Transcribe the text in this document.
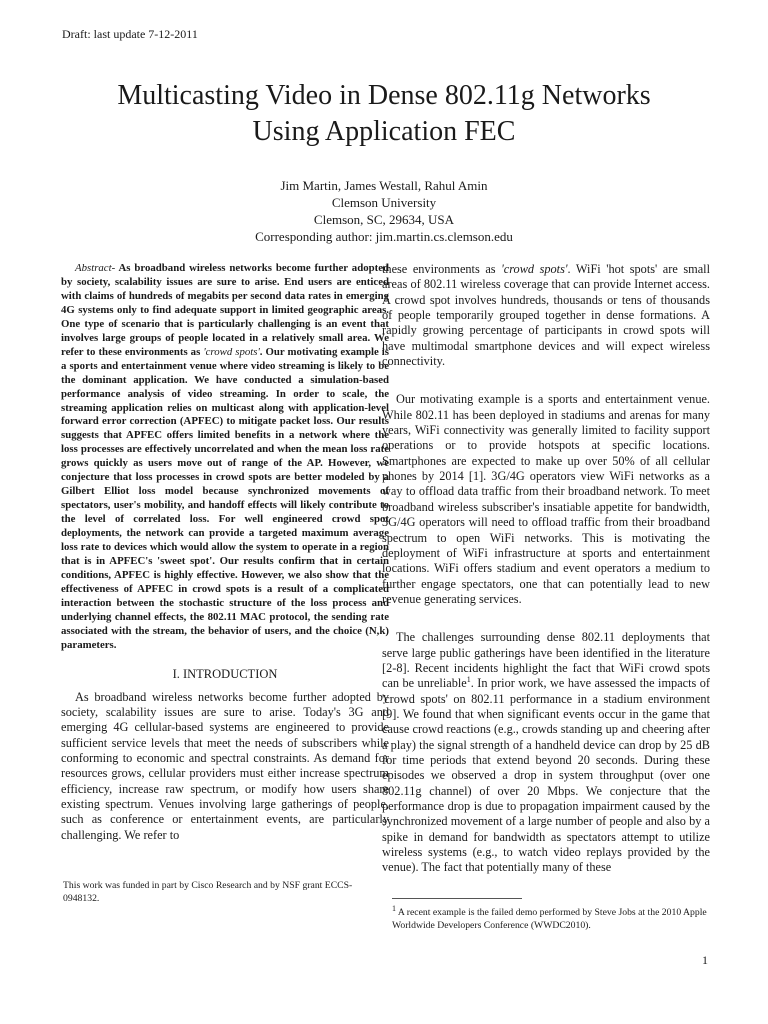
Draft: last update 7-12-2011
Multicasting Video in Dense 802.11g Networks
Using Application FEC
Jim Martin, James Westall, Rahul Amin
Clemson University
Clemson, SC, 29634, USA
Corresponding author: jim.martin.cs.clemson.edu

Abstract- As broadband wireless networks become further adopted by society, scalability issues are sure to arise. End users are enticed with claims of hundreds of megabits per second data rates in emerging 4G systems only to find adequate support in limited geographic areas. One type of scenario that is particularly challenging is an event that involves large groups of people located in a relatively small area. We refer to these environments as 'crowd spots'. Our motivating example is a sports and entertainment venue where video streaming is likely to be the dominant application. We have conducted a simulation-based performance analysis of video streaming. In order to scale, the streaming application relies on multicast along with application-level forward error correction (APFEC) to mitigate packet loss. Our results suggests that APFEC offers limited benefits in a network where the loss processes are effectively uncorrelated and when the mean loss rate grows quickly as users move out of range of the AP. However, we conjecture that loss processes in crowd spots are better modeled by a Gilbert Elliot loss model because synchronized movements of spectators, user's mobility, and handoff effects will likely contribute to the level of correlated loss. For well engineered crowd spot deployments, the network can provide a targeted maximum average loss rate to devices which would allow the system to operate in a region that is in APFEC's 'sweet spot'. Our results confirm that in certain conditions, APFEC is highly effective. However, we also show that the effectiveness of APFEC in crowd spots is a result of a complicated interaction between the stochastic structure of the loss process and underlying channel effects, the 802.11 MAC protocol, the sending rate associated with the stream, the behavior of users, and the choice (N,k) parameters.

I. INTRODUCTION

As broadband wireless networks become further adopted by society, scalability issues are sure to arise. Today's 3G and emerging 4G cellular-based systems are engineered to provide sufficient service levels that meet the needs of subscribers while conforming to economic and spectral constraints. As demand for resources grows, cellular providers must either increase spectrum efficiency, increase raw spectrum, or modify how users share existing spectrum. Venues involving large gatherings of people, such as conference or entertainment events, are particularly challenging. We refer to

This work was funded in part by Cisco Research and by NSF grant ECCS-0948132.

these environments as 'crowd spots'. WiFi 'hot spots' are small areas of 802.11 wireless coverage that can provide Internet access. A crowd spot involves hundreds, thousands or tens of thousands of people temporarily grouped together in dense formations. A rapidly growing percentage of participants in crowd spots will have multimodal smartphone devices and will expect wireless connectivity.

Our motivating example is a sports and entertainment venue. While 802.11 has been deployed in stadiums and arenas for many years, WiFi connectivity was generally limited to facility support operations or to provide hotspots at specific locations. Smartphones are expected to make up over 50% of all cellular phones by 2014 [1]. 3G/4G operators view WiFi networks as a way to offload data traffic from their broadband network. To meet broadband wireless subscriber's insatiable appetite for bandwidth, 3G/4G operators will need to offload traffic from their broadband spectrum to open WiFi networks. This is motivating the deployment of WiFi infrastructure at sports and entertainment locations. WiFi offers stadium and event operators a medium to further engage spectators, one that can potentially lead to new revenue generating services.

The challenges surrounding dense 802.11 deployments that serve large public gatherings have been identified in the literature [2-8]. Recent incidents highlight the fact that WiFi crowd spots can be unreliable$^1$. In prior work, we have assessed the impacts of 'crowd spots' on 802.11 performance in a stadium environment [9]. We found that when significant events occur in the game that cause crowd reactions (e.g., crowds standing up and cheering after a play) the signal strength of a handheld device can drop by 25 dB for time periods that extend beyond 20 seconds. During these episodes we observed a drop in system throughput (over one 802.11g channel) of over 20 Mbps. We conjecture that the performance drop is due to propagation impairment caused by the synchronized movement of a large number of people and also by a spike in demand for bandwidth as spectators attempt to utilize wireless systems (e.g., to watch video replays provided by the venue). The fact that potentially many of these

$^1$ A recent example is the failed demo performed by Steve Jobs at the 2010 Apple Worldwide Developers Conference (WWDC2010).
1
